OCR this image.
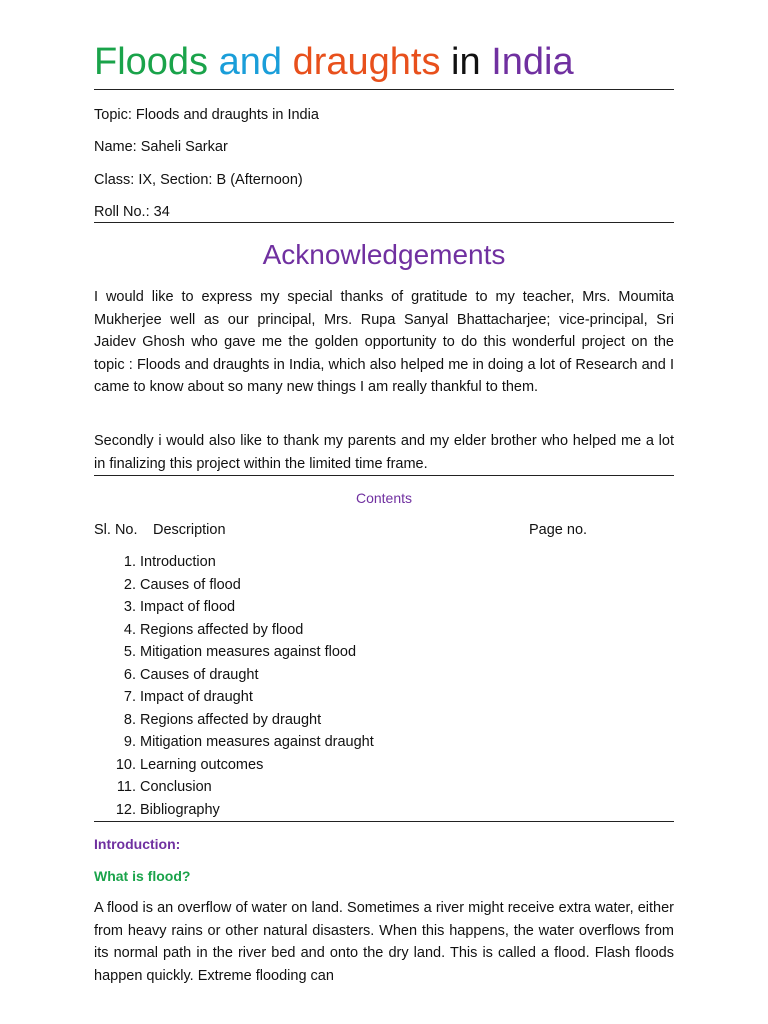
Floods and draughts in India
Topic: Floods and draughts in India
Name: Saheli Sarkar
Class: IX, Section: B (Afternoon)
Roll No.: 34
Acknowledgements
I would like to express my special thanks of gratitude to my teacher, Mrs. Moumita Mukherjee well as our principal, Mrs. Rupa Sanyal Bhattacharjee; vice-principal, Sri Jaidev Ghosh who gave me the golden opportunity to do this wonderful project on the topic : Floods and draughts in India, which also helped me in doing a lot of Research and I came to know about so many new things I am really thankful to them.
Secondly i would also like to thank my parents and my elder brother who helped me a lot in finalizing this project within the limited time frame.
Contents
Sl. No. Description	Page no.
1. Introduction
2. Causes of flood
3. Impact of flood
4. Regions affected by flood
5. Mitigation measures against flood
6. Causes of draught
7. Impact of draught
8. Regions affected by draught
9. Mitigation measures against draught
10. Learning outcomes
11. Conclusion
12. Bibliography
Introduction:
What is flood?
A flood is an overflow of water on land. Sometimes a river might receive extra water, either from heavy rains or other natural disasters. When this happens, the water overflows from its normal path in the river bed and onto the dry land. This is called a flood. Flash floods happen quickly. Extreme flooding can
